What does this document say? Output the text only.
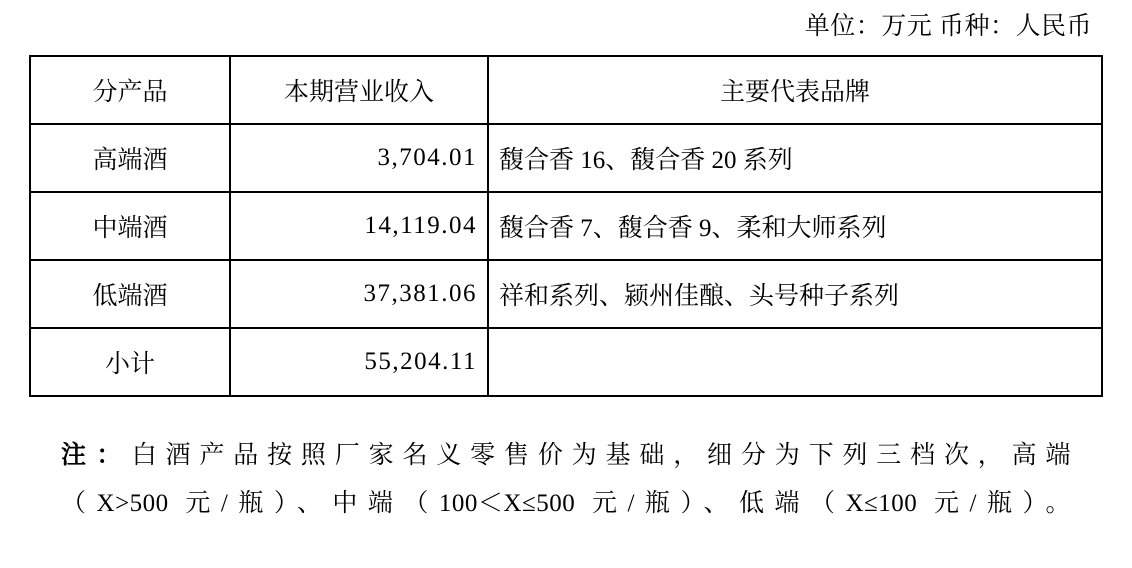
单位：万元 币种：人民币
分产品	本期营业收入	主要代表品牌
高端酒	3,704.01	馥合香 16、馥合香 20 系列
中端酒	14,119.04	馥合香 7、馥合香 9、柔和大师系列
低端酒	37,381.06	祥和系列、颍州佳酿、头号种子系列
小计	55,204.11	
注：白酒产品按照厂家名义零售价为基础，细分为下列三档次，高端
（X>500 元/瓶）、中端（100＜X≤500 元/瓶）、低端（X≤100 元/瓶）。
